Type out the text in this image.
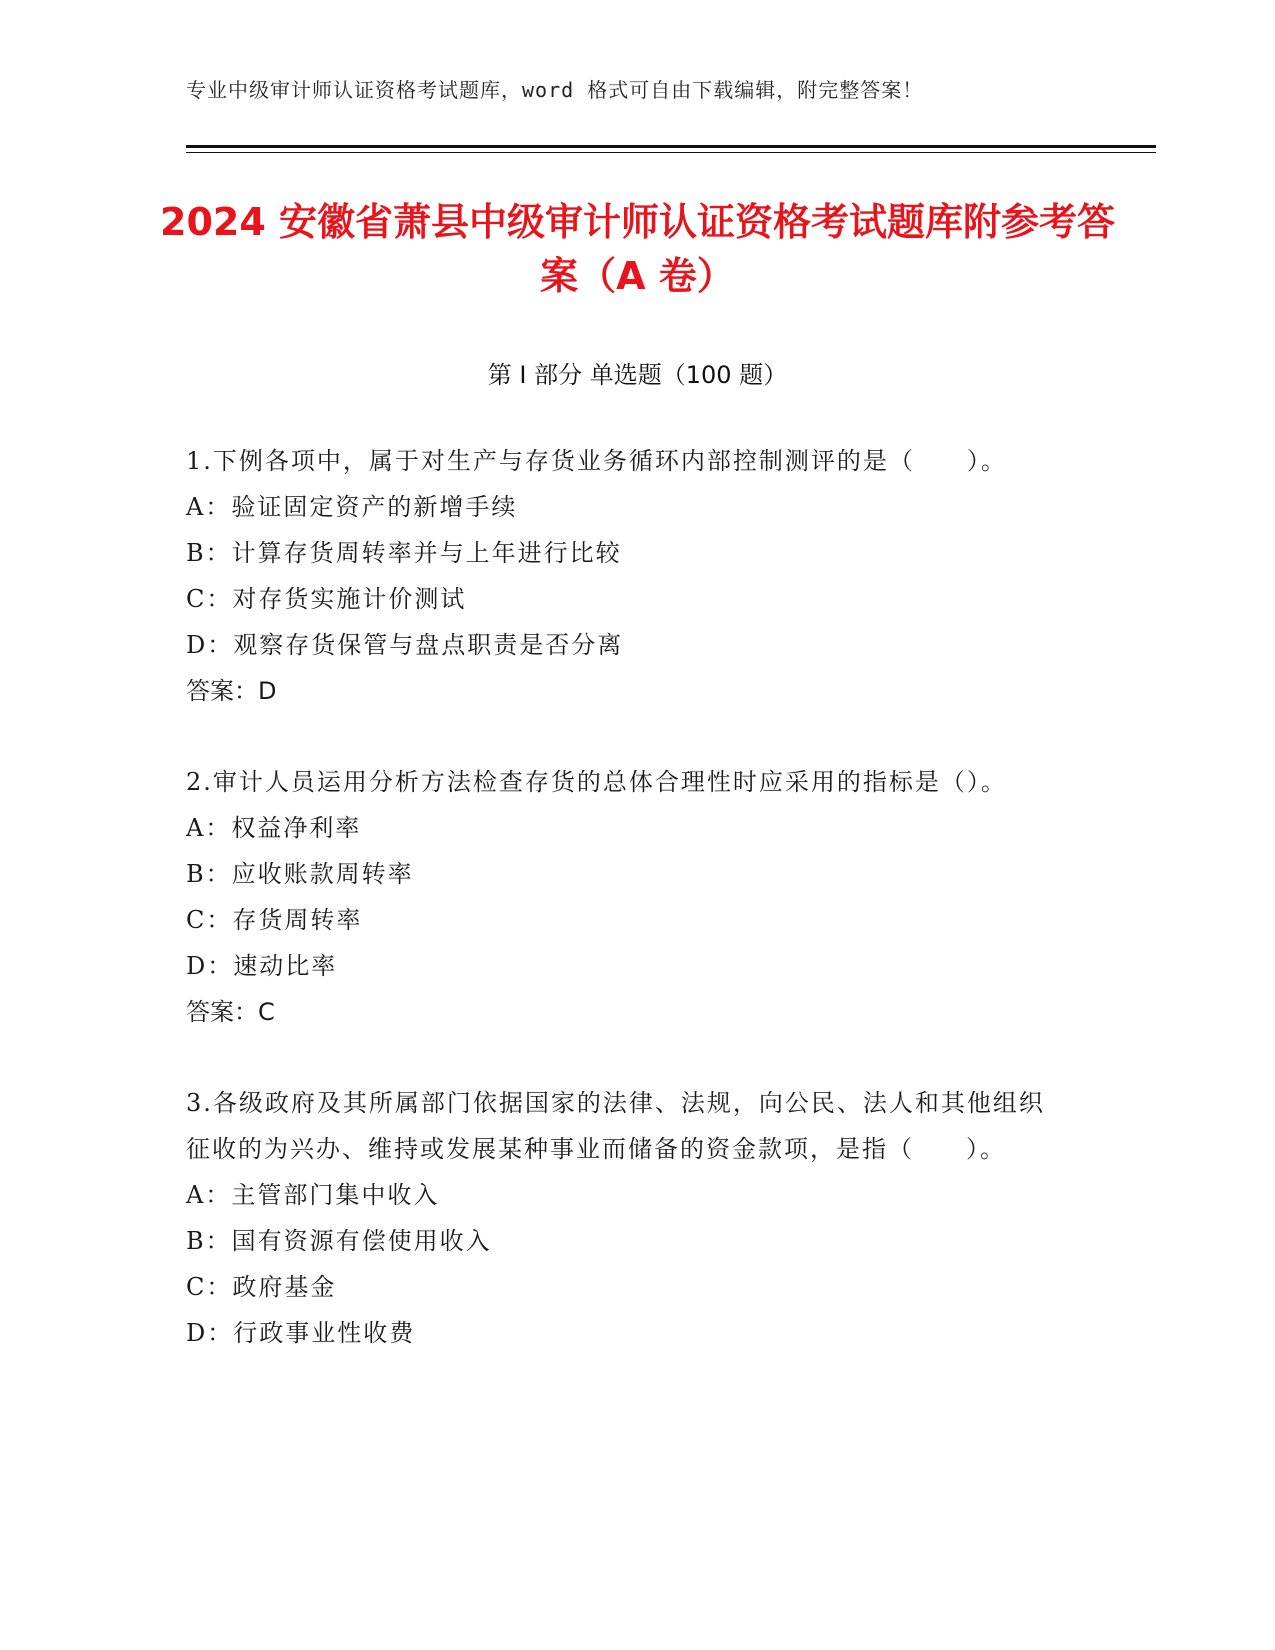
专业中级审计师认证资格考试题库，word 格式可自由下载编辑，附完整答案！
2024 安徽省萧县中级审计师认证资格考试题库附参考答案（A 卷）
第 I 部分 单选题（100 题）

1.下例各项中，属于对生产与存货业务循环内部控制测评的是（　　）。

A：验证固定资产的新增手续

B：计算存货周转率并与上年进行比较

C：对存货实施计价测试

D：观察存货保管与盘点职责是否分离

答案：D

2.审计人员运用分析方法检查存货的总体合理性时应采用的指标是（）。

A：权益净利率

B：应收账款周转率

C：存货周转率

D：速动比率

答案：C

3.各级政府及其所属部门依据国家的法律、法规，向公民、法人和其他组织征收的为兴办、维持或发展某种事业而储备的资金款项，是指（　　）。

A：主管部门集中收入

B：国有资源有偿使用收入

C：政府基金

D：行政事业性收费
